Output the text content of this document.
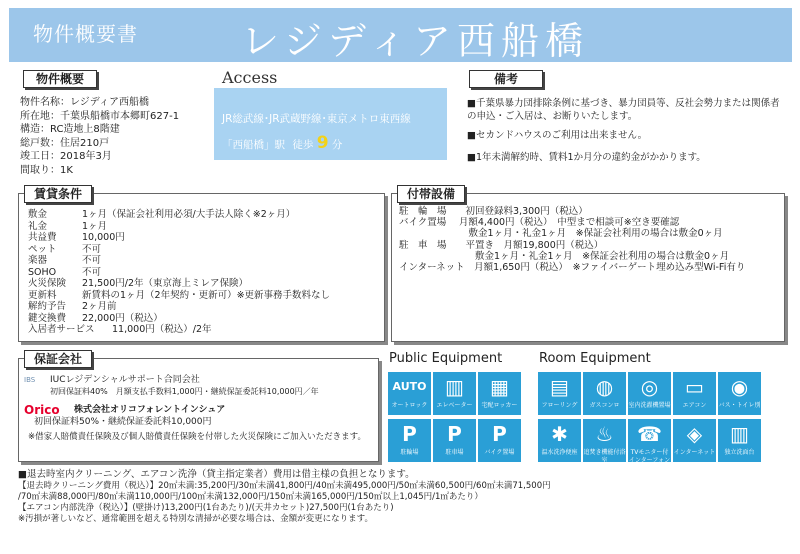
物件概要書	レジディア西船橋
物件概要
物件名称：レジディア西船橋
所在地：千葉県船橋市本郷町627-1
構造：RC造地上8階建
総戸数：住居210戸
竣工日：2018年3月
間取り：1K
Access
JR総武線･JR武蔵野線･東京メトロ東西線
「西船橋」駅 徒歩 9 分
備考
■千葉県暴力団排除条例に基づき、暴力団員等、反社会勢力または関係者の申込・ご入居は、お断りいたします。
■セカンドハウスのご利用は出来ません。
■1年未満解約時、賃料1か月分の違約金がかかります。
賃貸条件
敷金	1ヶ月（保証会社利用必須/大手法人除く※2ヶ月）
礼金	1ヶ月
共益費	10,000円
ペット	不可
楽器	不可
SOHO	不可
火災保険	21,500円/2年（東京海上ミレア保険）
更新料	新賃料の1ヶ月（2年契約・更新可）※更新事務手数料なし
解約予告	2ヶ月前
鍵交換費	22,000円（税込）
入居者サービス	11,000円（税込）/2年
付帯設備
駐　輪　場　　初回登録料3,300円（税込）
バイク置場　 月額4,400円（税込）　中型まで相談可※空き要確認
　　　　　　　 敷金1ヶ月・礼金1ヶ月　※保証会社利用の場合は敷金0ヶ月
駐　車　場　　平置き　月額19,800円（税込）
　　　　　　　　敷金1ヶ月・礼金1ヶ月　※保証会社利用の場合は敷金0ヶ月
インターネット　月額1,650円（税込）　※ファイバーゲート埋め込み型Wi-Fi有り
保証会社
IBS	IUCレジデンシャルサポート合同会社
初回保証料40%　月額支払手数料1,000円・継続保証委託料10,000円／年
Orico	株式会社オリコフォレントインシュア
初回保証料50%・継続保証委託料10,000円
※借家人賠償責任保険及び個人賠償責任保険を付帯した火災保険にご加入いただきます。
Public Equipment
AUTO
オートロック
▥
エレベーター
▦
宅配ロッカー
P
駐輪場
P
駐車場
P
バイク置場
Room Equipment
▤
フローリング
◍
ガスコンロ
◎
室内洗濯機置場
▭
エアコン
◉
バス・トイレ別
✱
温水洗浄便座
♨
追焚き機能付浴室
☎
TVモニター付インターフォン
◈
インターネット
▥
独立洗面台
■退去時室内クリーニング、エアコン洗浄（貸主指定業者）費用は借主様の負担となります。
【退去時クリーニング費用（税込）】20㎡未満:35,200円/30㎡未満41,800円/40㎡未満495,000円/50㎡未満60,500円/60㎡未満71,500円
/70㎡未満88,000円/80㎡未満110,000円/100㎡未満132,000円/150㎡未満165,000円/150㎡以上1,045円/1㎡あたり）
【エアコン内部洗浄（税込）】(壁掛け)13,200円(1台あたり)/(天井カセット)27,500円(1台あたり)
※汚損が著しいなど、通常範囲を超える特別な清掃が必要な場合は、金額が変更になります。
